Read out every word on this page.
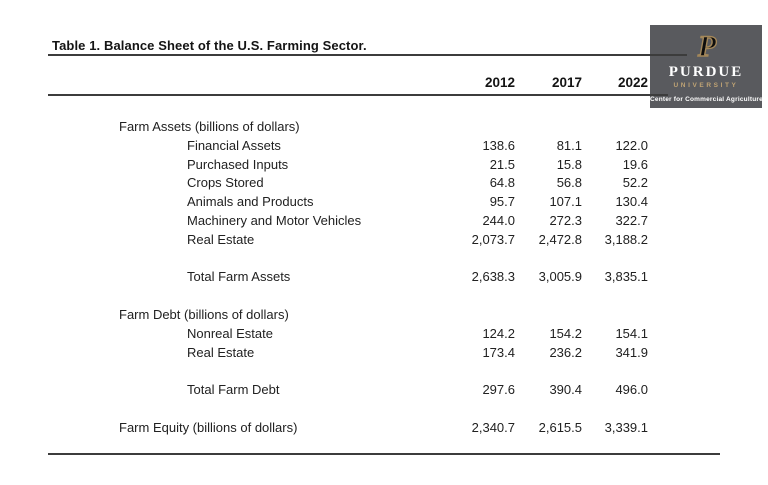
Table 1. Balance Sheet of the U.S. Farming Sector.
2012	2017	2022
Farm Assets (billions of dollars)
Financial Assets	138.6	81.1	122.0
Purchased Inputs	21.5	15.8	19.6
Crops Stored	64.8	56.8	52.2
Animals and Products	95.7	107.1	130.4
Machinery and Motor Vehicles	244.0	272.3	322.7
Real Estate	2,073.7	2,472.8	3,188.2
Total Farm Assets	2,638.3	3,005.9	3,835.1
Farm Debt (billions of dollars)
Nonreal Estate	124.2	154.2	154.1
Real Estate	173.4	236.2	341.9
Total Farm Debt	297.6	390.4	496.0
Farm Equity (billions of dollars)	2,340.7	2,615.5	3,339.1
P
PURDUE
UNIVERSITY
Center for Commercial Agriculture
